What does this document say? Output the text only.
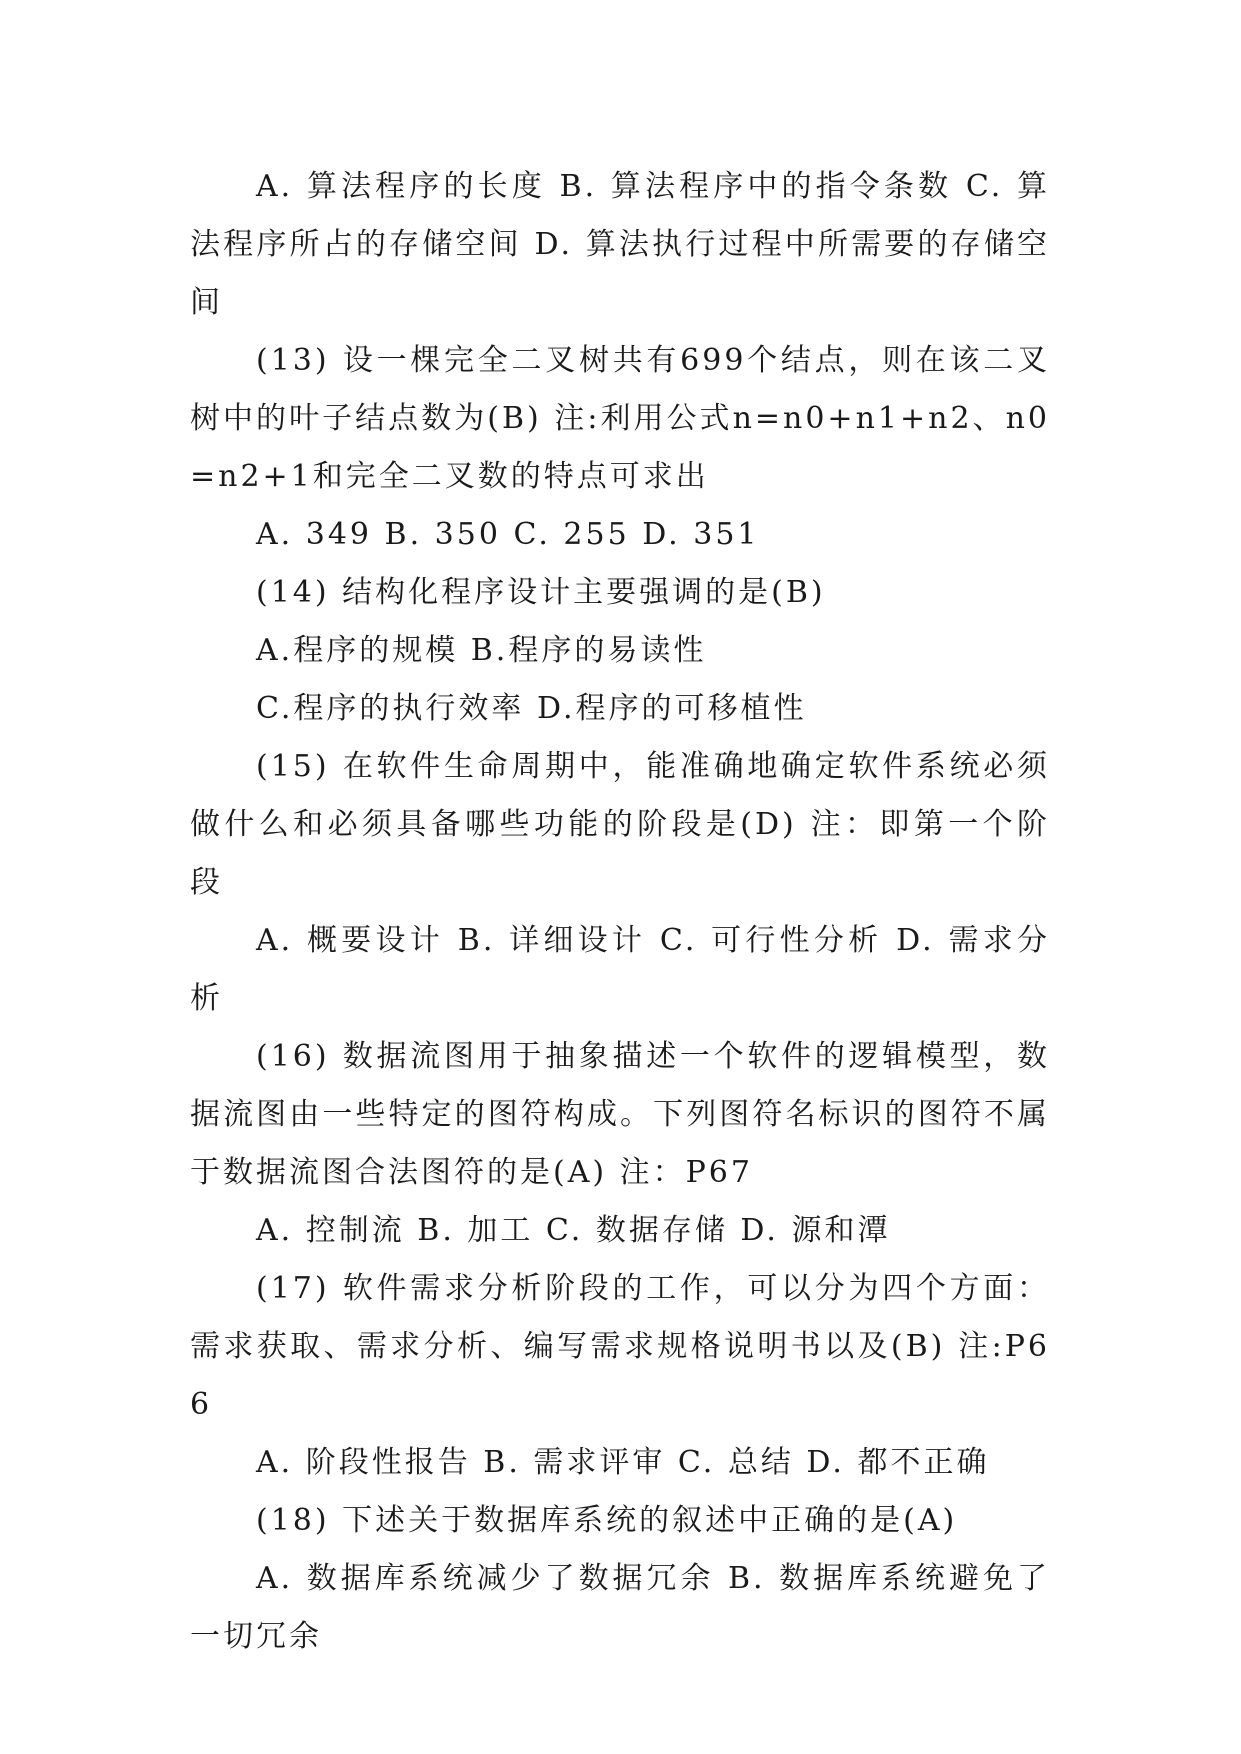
A. 算法程序的长度 B. 算法程序中的指令条数 C. 算法程序所占的存储空间 D. 算法执行过程中所需要的存储空间

(13) 设一棵完全二叉树共有699个结点，则在该二叉树中的叶子结点数为(B) 注:利用公式n=n0+n1+n2、n0=n2+1和完全二叉数的特点可求出

A. 349 B. 350 C. 255 D. 351

(14) 结构化程序设计主要强调的是(B)

A.程序的规模 B.程序的易读性

C.程序的执行效率 D.程序的可移植性

(15) 在软件生命周期中，能准确地确定软件系统必须做什么和必须具备哪些功能的阶段是(D) 注：即第一个阶段

A. 概要设计 B. 详细设计 C. 可行性分析 D. 需求分析

(16) 数据流图用于抽象描述一个软件的逻辑模型，数据流图由一些特定的图符构成。下列图符名标识的图符不属于数据流图合法图符的是(A) 注：P67

A. 控制流 B. 加工 C. 数据存储 D. 源和潭

(17) 软件需求分析阶段的工作，可以分为四个方面：需求获取、需求分析、编写需求规格说明书以及(B) 注:P66

A. 阶段性报告 B. 需求评审 C. 总结 D. 都不正确

(18) 下述关于数据库系统的叙述中正确的是(A)

A. 数据库系统减少了数据冗余 B. 数据库系统避免了一切冗余
